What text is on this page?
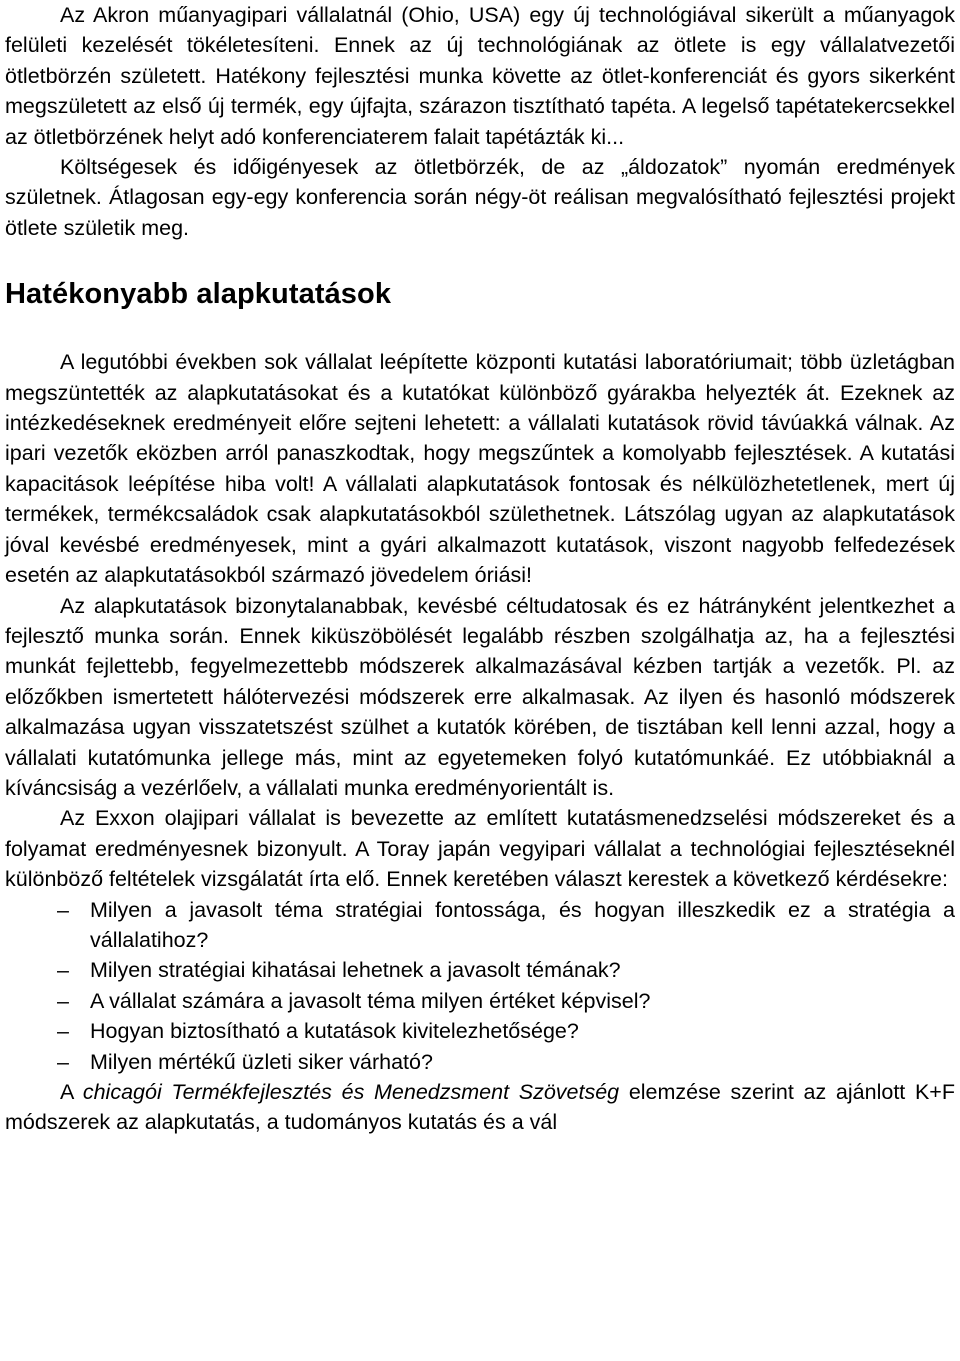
Az Akron műanyagipari vállalatnál (Ohio, USA) egy új technológiával sikerült a műanyagok felületi kezelését tökéletesíteni. Ennek az új technológiának az ötlete is egy vállalatvezetői ötletbörzén született. Hatékony fejlesztési munka követte az ötlet-konferenciát és gyors sikerként megszületett az első új termék, egy újfajta, szárazon tisztítható tapéta. A legelső tapétatekercsekkel az ötletbörzének helyt adó konferenciaterem falait tapétázták ki...

Költségesek és időigényesek az ötletbörzék, de az „áldozatok” nyomán eredmények születnek. Átlagosan egy-egy konferencia során négy-öt reálisan megvalósítható fejlesztési projekt ötlete születik meg.

Hatékonyabb alapkutatások

A legutóbbi években sok vállalat leépítette központi kutatási laboratóriumait; több üzletágban megszüntették az alapkutatásokat és a kutatókat különböző gyárakba helyezték át. Ezeknek az intézkedéseknek eredményeit előre sejteni lehetett: a vállalati kutatások rövid távúakká válnak. Az ipari vezetők eközben arról panaszkodtak, hogy megszűntek a komolyabb fejlesztések. A kutatási kapacitások leépítése hiba volt! A vállalati alapkutatások fontosak és nélkülözhetetlenek, mert új termékek, termékcsaládok csak alapkutatásokból születhetnek. Látszólag ugyan az alapkutatások jóval kevésbé eredményesek, mint a gyári alkalmazott kutatások, viszont nagyobb felfedezések esetén az alapkutatásokból származó jövedelem óriási!

Az alapkutatások bizonytalanabbak, kevésbé céltudatosak és ez hátrányként jelentkezhet a fejlesztő munka során. Ennek kiküszöbölését legalább részben szolgálhatja az, ha a fejlesztési munkát fejlettebb, fegyelmezettebb módszerek alkalmazásával kézben tartják a vezetők. Pl. az előzőkben ismertetett hálótervezési módszerek erre alkalmasak. Az ilyen és hasonló módszerek alkalmazása ugyan visszatetszést szülhet a kutatók körében, de tisztában kell lenni azzal, hogy a vállalati kutatómunka jellege más, mint az egyetemeken folyó kutatómunkáé. Ez utóbbiaknál a kíváncsiság a vezérlőelv, a vállalati munka eredményorientált is.

Az Exxon olajipari vállalat is bevezette az említett kutatásmenedzselési módszereket és a folyamat eredményesnek bizonyult. A Toray japán vegyipari vállalat a technológiai fejlesztéseknél különböző feltételek vizsgálatát írta elő. Ennek keretében választ kerestek a következő kérdésekre:

– Milyen a javasolt téma stratégiai fontossága, és hogyan illeszkedik ez a stratégia a vállalatihoz?
– Milyen stratégiai kihatásai lehetnek a javasolt témának?
– A vállalat számára a javasolt téma milyen értéket képvisel?
– Hogyan biztosítható a kutatások kivitelezhetősége?
– Milyen mértékű üzleti siker várható?

A chicagói Termékfejlesztés és Menedzsment Szövetség elemzése szerint az ajánlott K+F módszerek az alapkutatás, a tudományos kutatás és a vál
